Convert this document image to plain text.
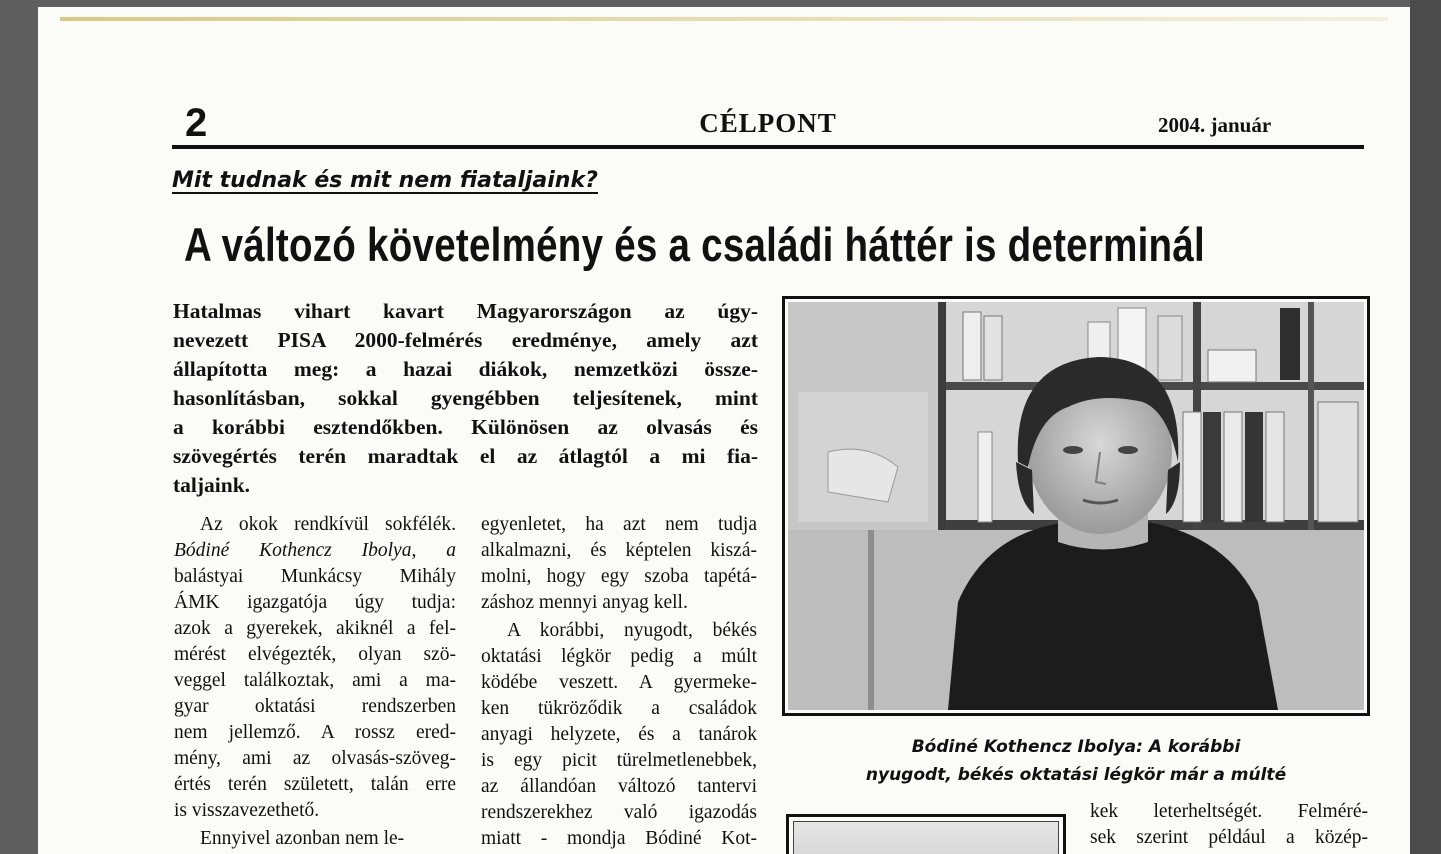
2	CÉLPONT	2004. január
Mit tudnak és mit nem fiataljaink?
A változó követelmény és a családi háttér is determinál
Hatalmas vihart kavart Magyarországon az úgy-
nevezett PISA 2000-felmérés eredménye, amely azt
állapította meg: a hazai diákok, nemzetközi össze-
hasonlításban, sokkal gyengébben teljesítenek, mint
a korábbi esztendőkben. Különösen az olvasás és
szövegértés terén maradtak el az átlagtól a mi fia-
taljaink.
Az okok rendkívül sokfélék.
Bódiné Kothencz Ibolya, a
balástyai Munkácsy Mihály
ÁMK igazgatója úgy tudja:
azok a gyerekek, akiknél a fel-
mérést elvégezték, olyan szö-
veggel találkoztak, ami a ma-
gyar oktatási rendszerben
nem jellemző. A rossz ered-
mény, ami az olvasás-szöveg-
értés terén született, talán erre
is visszavezethető.
Ennyivel azonban nem le-
egyenletet, ha azt nem tudja
alkalmazni, és képtelen kiszá-
molni, hogy egy szoba tapétá-
záshoz mennyi anyag kell.
A korábbi, nyugodt, békés
oktatási légkör pedig a múlt
ködébe veszett. A gyermeke-
ken tükröződik a családok
anyagi helyzete, és a tanárok
is egy picit türelmetlenebbek,
az állandóan változó tantervi
rendszerekhez való igazodás
miatt - mondja Bódiné Kot-
Bódiné Kothencz Ibolya: A korábbi
nyugodt, békés oktatási légkör már a múlté
kek leterheltségét. Felméré-
sek szerint például a közép-
